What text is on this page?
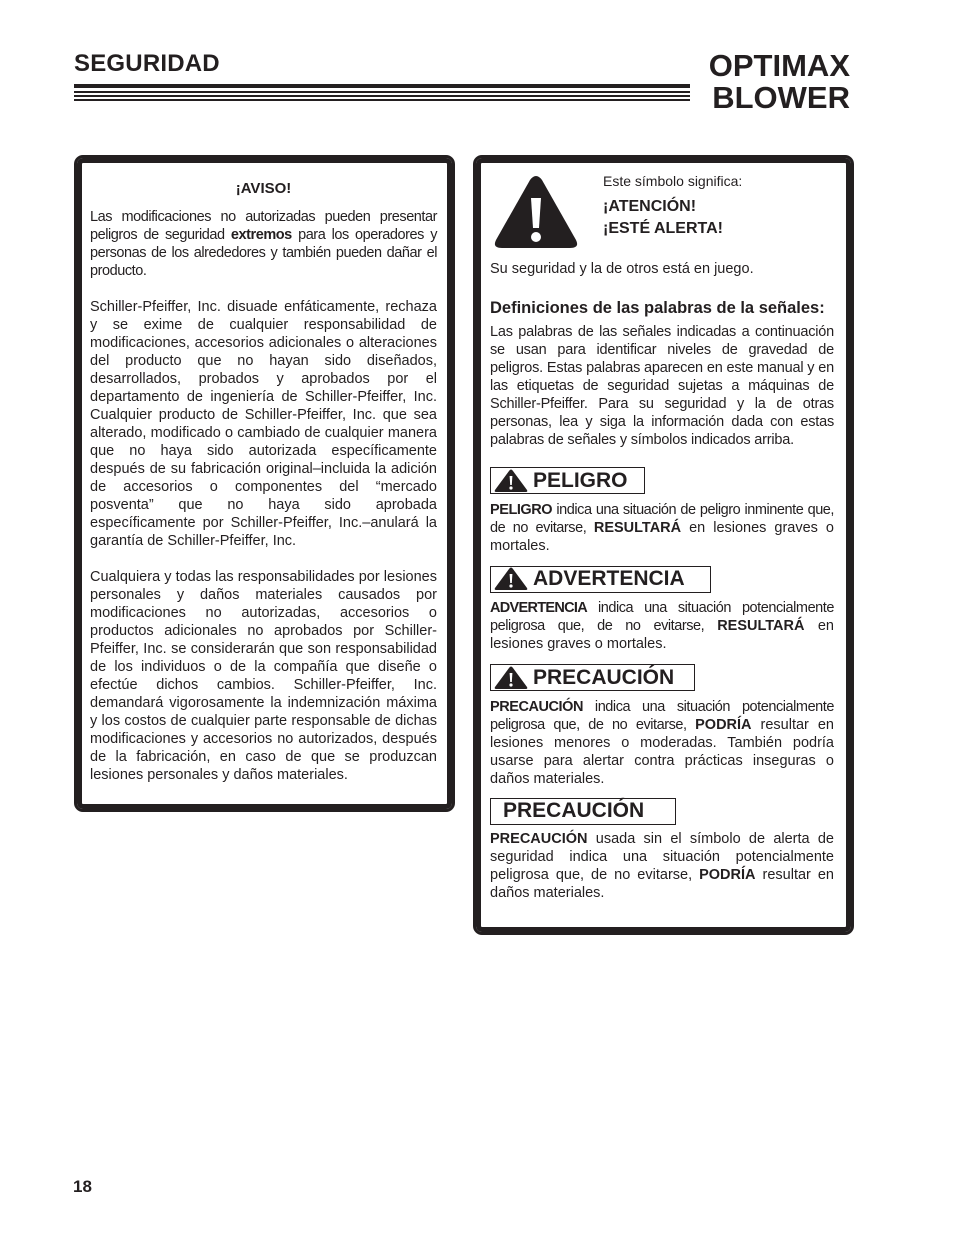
SEGURIDAD	OPTIMAX
BLOWER
¡AVISO!

Las modificaciones no autorizadas pueden presentar peligros de seguridad extremos para los operadores y personas de los alrededores y también pueden dañar el producto.

Schiller-Pfeiffer, Inc. disuade enfáticamente, rechaza y se exime de cualquier responsabilidad de modificaciones, accesorios adicionales o alteraciones del producto que no hayan sido diseñados, desarrollados, probados y aprobados por el departamento de ingeniería de Schiller-Pfeiffer, Inc. Cualquier producto de Schiller-Pfeiffer, Inc. que sea alterado, modificado o cambiado de cualquier manera que no haya sido autorizada específicamente después de su fabricación original–incluida la adición de accesorios o componentes del “mercado posventa” que no haya sido aprobada específicamente por Schiller-Pfeiffer, Inc.–anulará la garantía de Schiller-Pfeiffer, Inc.

Cualquiera y todas las responsabilidades por lesiones personales y daños materiales causados por modificaciones no autorizadas, accesorios o productos adicionales no aprobados por Schiller-Pfeiffer, Inc. se considerarán que son responsabilidad de los individuos o de la compañía que diseñe o efectúe dichos cambios. Schiller-Pfeiffer, Inc. demandará vigorosamente la indemnización máxima y los costos de cualquier parte responsable de dichas modificaciones y accesorios no autorizados, después de la fabricación, en caso de que se produzcan lesiones personales y daños materiales.

Este símbolo significa:
¡ATENCIÓN!
¡ESTÉ ALERTA!
Su seguridad y la de otros está en juego.
Definiciones de las palabras de la señales:
Las palabras de las señales indicadas a continuación se usan para identificar niveles de gravedad de peligros. Estas palabras aparecen en este manual y en las etiquetas de seguridad sujetas a máquinas de Schiller-Pfeiffer. Para su seguridad y la de otras personas, lea y siga la información dada con estas palabras de señales y símbolos indicados arriba.
PELIGRO
PELIGRO indica una situación de peligro inminente que, de no evitarse, RESULTARÁ en lesiones graves o mortales.
ADVERTENCIA
ADVERTENCIA indica una situación potencialmente peligrosa que, de no evitarse, RESULTARÁ en lesiones graves o mortales.
PRECAUCIÓN
PRECAUCIÓN indica una situación potencialmente peligrosa que, de no evitarse, PODRÍA resultar en lesiones menores o moderadas. También podría usarse para alertar contra prácticas inseguras o daños materiales.
PRECAUCIÓN
PRECAUCIÓN usada sin el símbolo de alerta de seguridad indica una situación potencialmente peligrosa que, de no evitarse, PODRÍA resultar en daños materiales.
18
